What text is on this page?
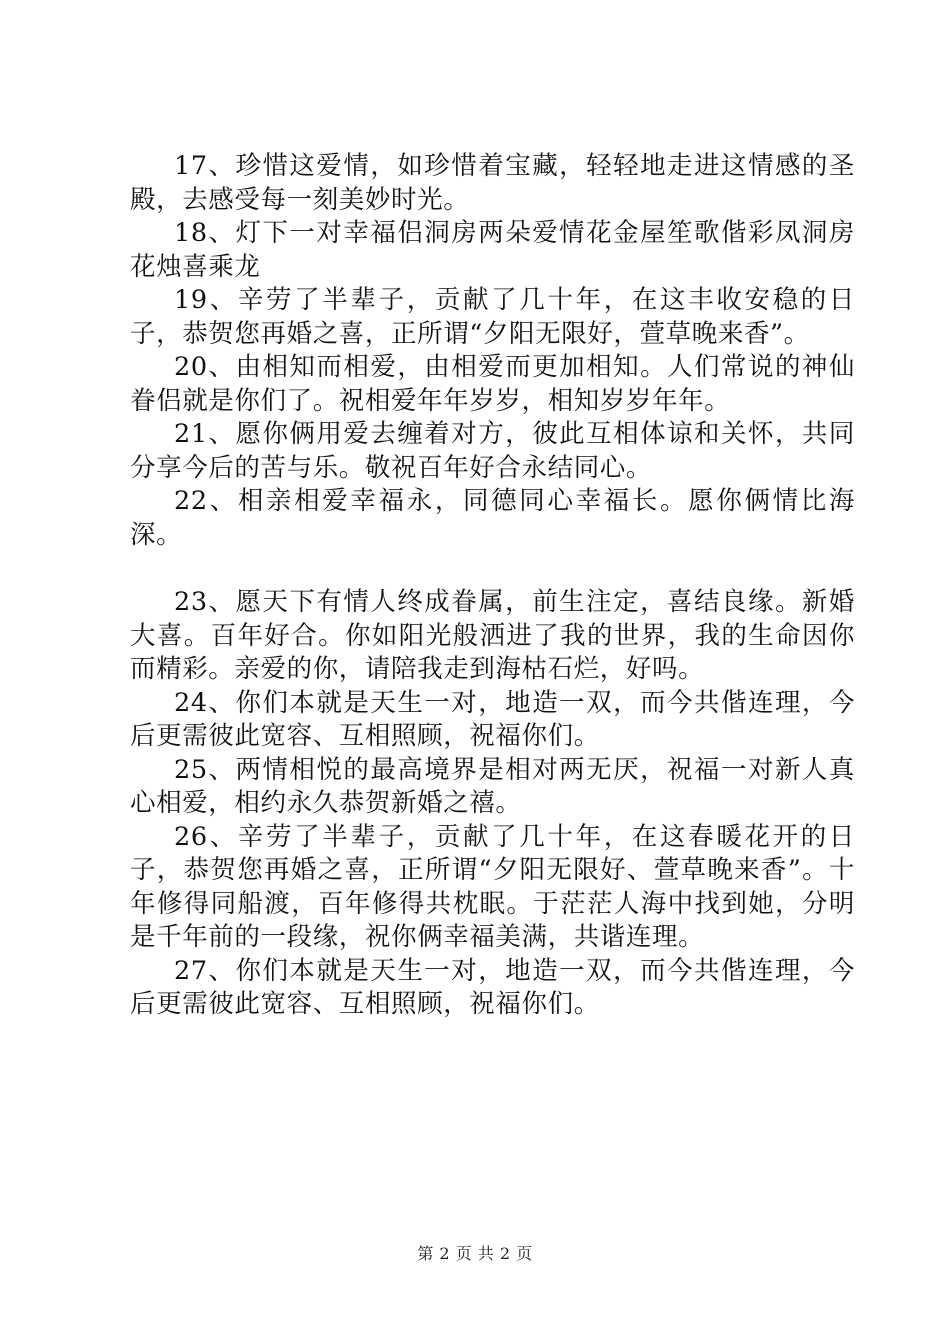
17、珍惜这爱情，如珍惜着宝藏，轻轻地走进这情感的圣殿，去感受每一刻美妙时光。

18、灯下一对幸福侣洞房两朵爱情花金屋笙歌偕彩凤洞房花烛喜乘龙

19、辛劳了半辈子，贡献了几十年，在这丰收安稳的日子，恭贺您再婚之喜，正所谓“夕阳无限好，萱草晚来香”。

20、由相知而相爱，由相爱而更加相知。人们常说的神仙眷侣就是你们了。祝相爱年年岁岁，相知岁岁年年。

21、愿你俩用爱去缠着对方，彼此互相体谅和关怀，共同分享今后的苦与乐。敬祝百年好合永结同心。

22、相亲相爱幸福永，同德同心幸福长。愿你俩情比海深。

23、愿天下有情人终成眷属，前生注定，喜结良缘。新婚大喜。百年好合。你如阳光般洒进了我的世界，我的生命因你而精彩。亲爱的你，请陪我走到海枯石烂，好吗。

24、你们本就是天生一对，地造一双，而今共偕连理，今后更需彼此宽容、互相照顾，祝福你们。

25、两情相悦的最高境界是相对两无厌，祝福一对新人真心相爱，相约永久恭贺新婚之禧。

26、辛劳了半辈子，贡献了几十年，在这春暖花开的日子，恭贺您再婚之喜，正所谓“夕阳无限好、萱草晚来香”。十年修得同船渡，百年修得共枕眠。于茫茫人海中找到她，分明是千年前的一段缘，祝你俩幸福美满，共谐连理。

27、你们本就是天生一对，地造一双，而今共偕连理，今后更需彼此宽容、互相照顾，祝福你们。

第 2 页 共 2 页
